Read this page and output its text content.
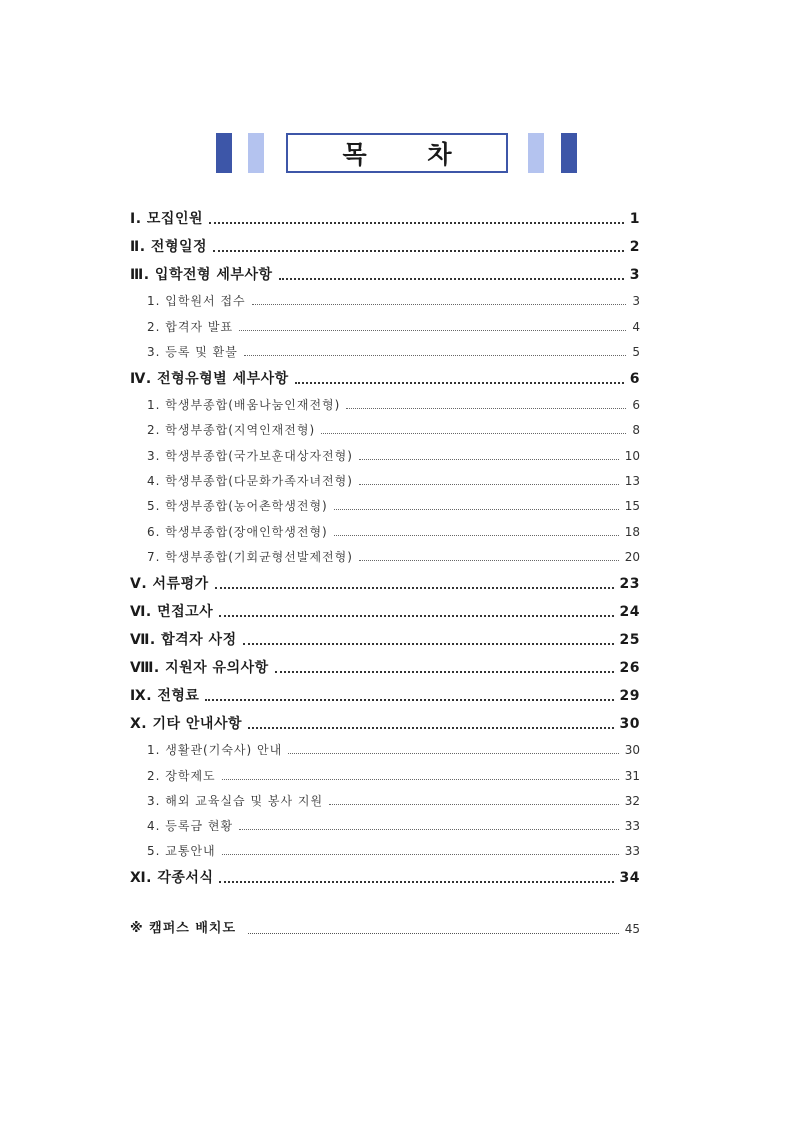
목 차
Ⅰ. 모집인원	1
Ⅱ. 전형일정	2
Ⅲ. 입학전형 세부사항	3
1. 입학원서 접수	3
2. 합격자 발표	4
3. 등록 및 환불	5
Ⅳ. 전형유형별 세부사항	6
1. 학생부종합(배움나눔인재전형)	6
2. 학생부종합(지역인재전형)	8
3. 학생부종합(국가보훈대상자전형)	10
4. 학생부종합(다문화가족자녀전형)	13
5. 학생부종합(농어촌학생전형)	15
6. 학생부종합(장애인학생전형)	18
7. 학생부종합(기회균형선발제전형)	20
Ⅴ. 서류평가	23
Ⅵ. 면접고사	24
Ⅶ. 합격자 사정	25
Ⅷ. 지원자 유의사항	26
Ⅸ. 전형료	29
Ⅹ. 기타 안내사항	30
1. 생활관(기숙사) 안내	30
2. 장학제도	31
3. 해외 교육실습 및 봉사 지원	32
4. 등록금 현황	33
5. 교통안내	33
Ⅺ. 각종서식	34
※ 캠퍼스 배치도	45
